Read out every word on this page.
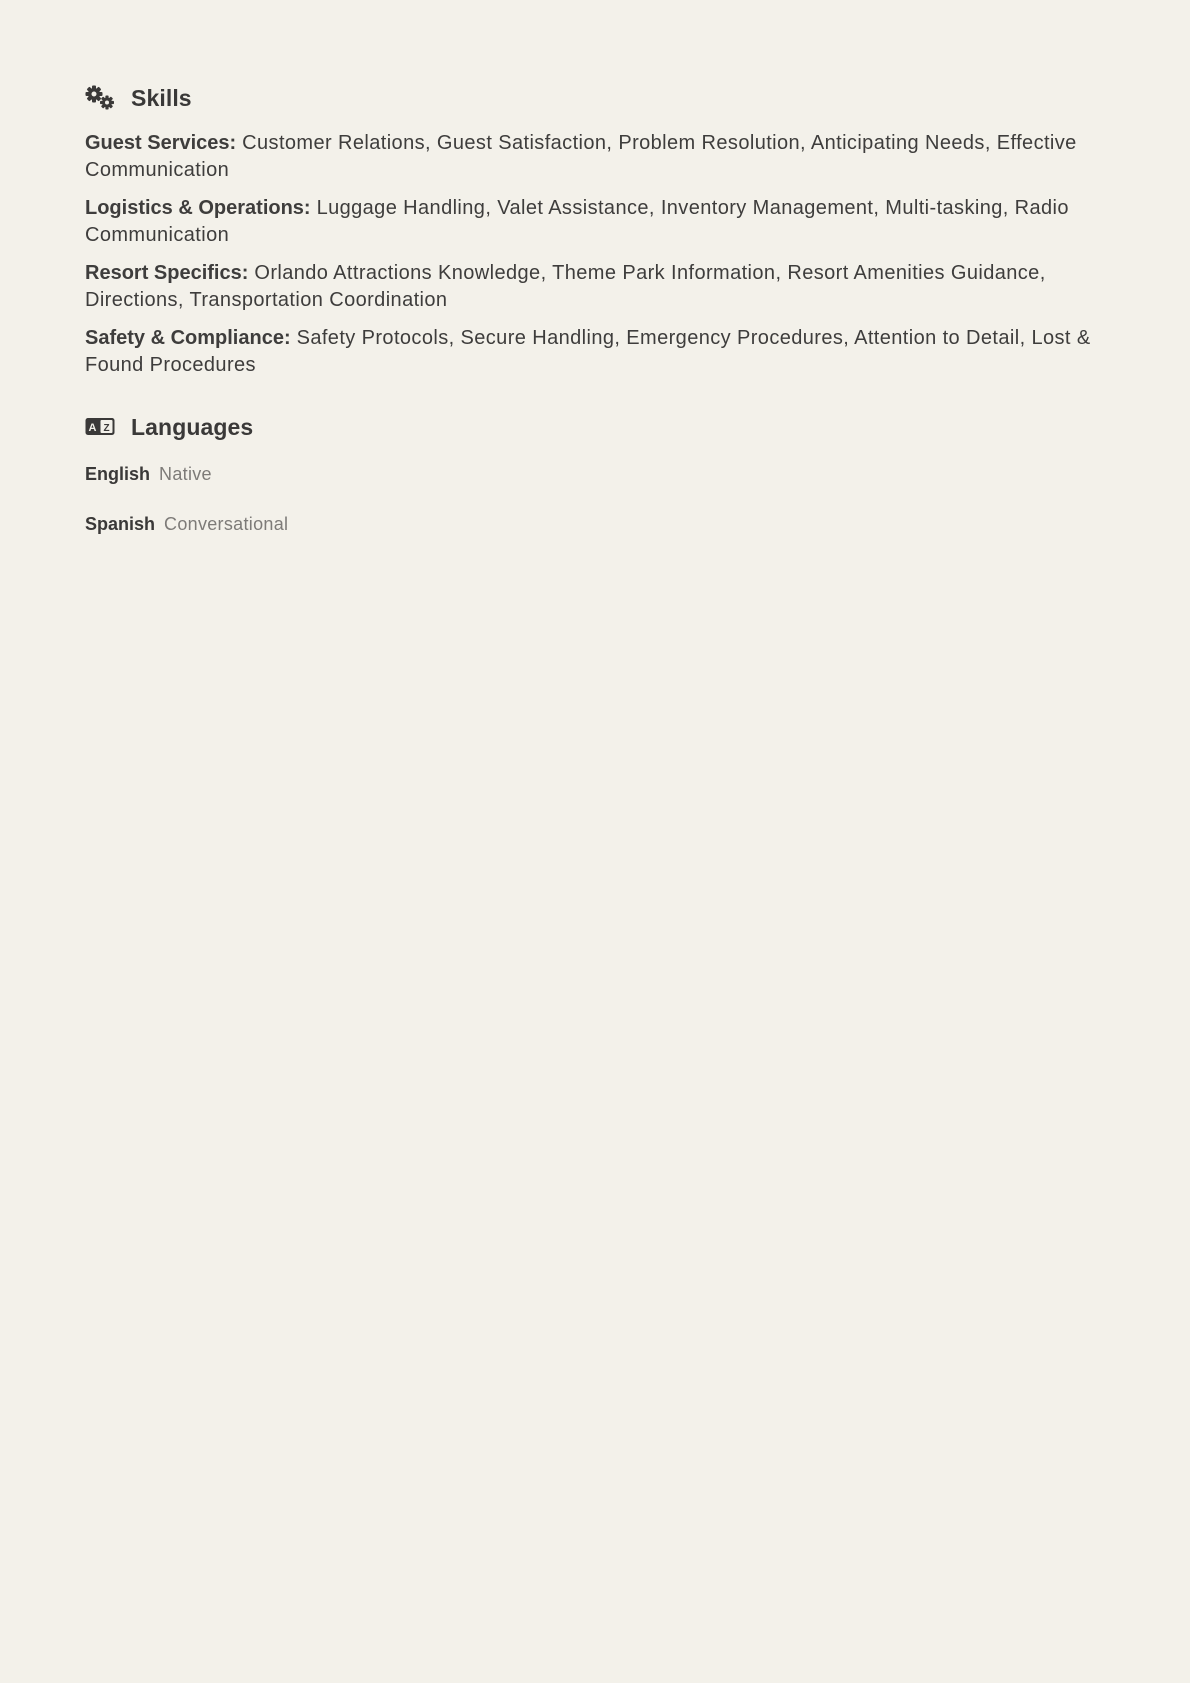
Skills

Guest Services: Customer Relations, Guest Satisfaction, Problem Resolution, Anticipating Needs, Effective Communication

Logistics & Operations: Luggage Handling, Valet Assistance, Inventory Management, Multi-tasking, Radio Communication

Resort Specifics: Orlando Attractions Knowledge, Theme Park Information, Resort Amenities Guidance, Directions, Transportation Coordination

Safety & Compliance: Safety Protocols, Secure Handling, Emergency Procedures, Attention to Detail, Lost & Found Procedures

A Z Languages
English Native
Spanish Conversational
